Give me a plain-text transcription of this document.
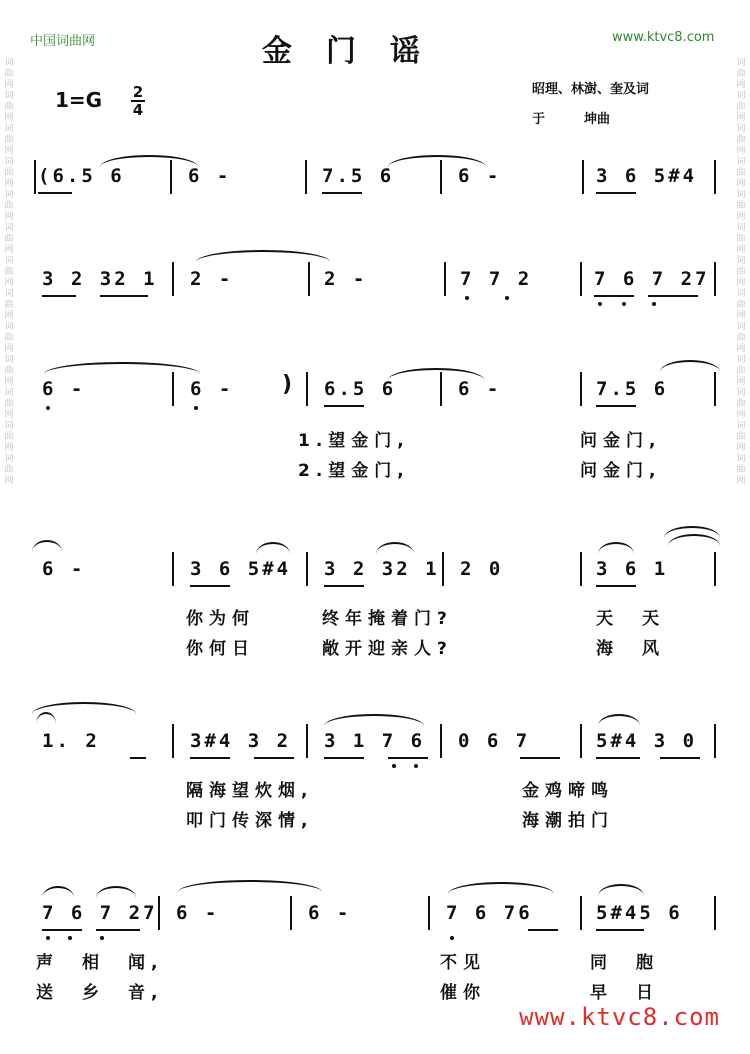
中国词曲网	www.ktvc8.com
金门谣
词曲网词曲网词曲网词曲网词曲网词曲网词曲网词曲网词曲网词曲网词曲网词曲网词曲网
词曲网词曲网词曲网词曲网词曲网词曲网词曲网词曲网词曲网词曲网词曲网词曲网词曲网
1=G 2
4
昭理、林澍、奎及词
于　　　坤曲
(6.5 6	6 -	7.5 6	6 -	3 6 5#4
3 2 32 1 2 -	2 -	7 7 2	7 6 7 27
6 -	6 - ) 6.5 6	6 -	7.5 6
1.望金门,	问金门,
2.望金门,	问金门,
6 -	3 6 5#4 3 2 32 1 2 0	3 6 1
你为何	终年掩着门?	天　天
你何日	敞开迎亲人?	海　风
1. 2	3#4 3 2 3 1 7 6 0 6 7	5#4 3 0
隔海望炊烟,	金鸡啼鸣
叩门传深情,	海潮拍门
7 6 7 27 6 -	6 -	7 6 76	5#45 6
声　相　闻,	不见	同　胞
送　乡　音,	催你	早　日
www.ktvc8.com
